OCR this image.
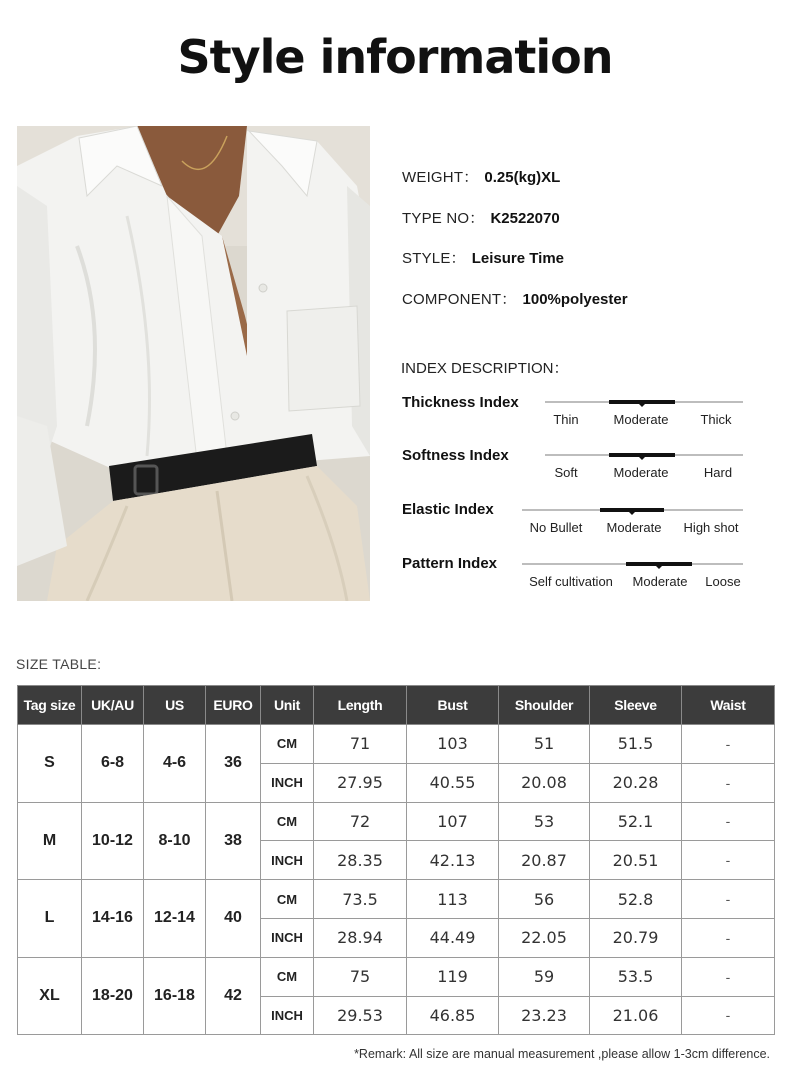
Style information
WEIGHT： 0.25(kg)XL
TYPE NO： K2522070
STYLE： Leisure Time
COMPONENT： 100%polyester
INDEX DESCRIPTION：
Thickness Index
Thin	Moderate Thick
Softness Index
Soft	Moderate	Hard
Elastic Index
No Bullet Moderate High shot
Pattern Index
Self cultivation Moderate Loose
SIZE TABLE:
Tag size	UK/AU	US	EURO	Unit	Length	Bust	Shoulder	Sleeve	Waist
S	6-8	4-6	36	CM	71	103	51	51.5	-
				INCH	27.95	40.55	20.08	20.28	-
M	10-12	8-10	38	CM	72	107	53	52.1	-
				INCH	28.35	42.13	20.87	20.51	-
L	14-16	12-14	40	CM	73.5	113	56	52.8	-
				INCH	28.94	44.49	22.05	20.79	-
XL	18-20	16-18	42	CM	75	119	59	53.5	-
				INCH	29.53	46.85	23.23	21.06	-
*Remark: All size are manual measurement ,please allow 1-3cm difference.
